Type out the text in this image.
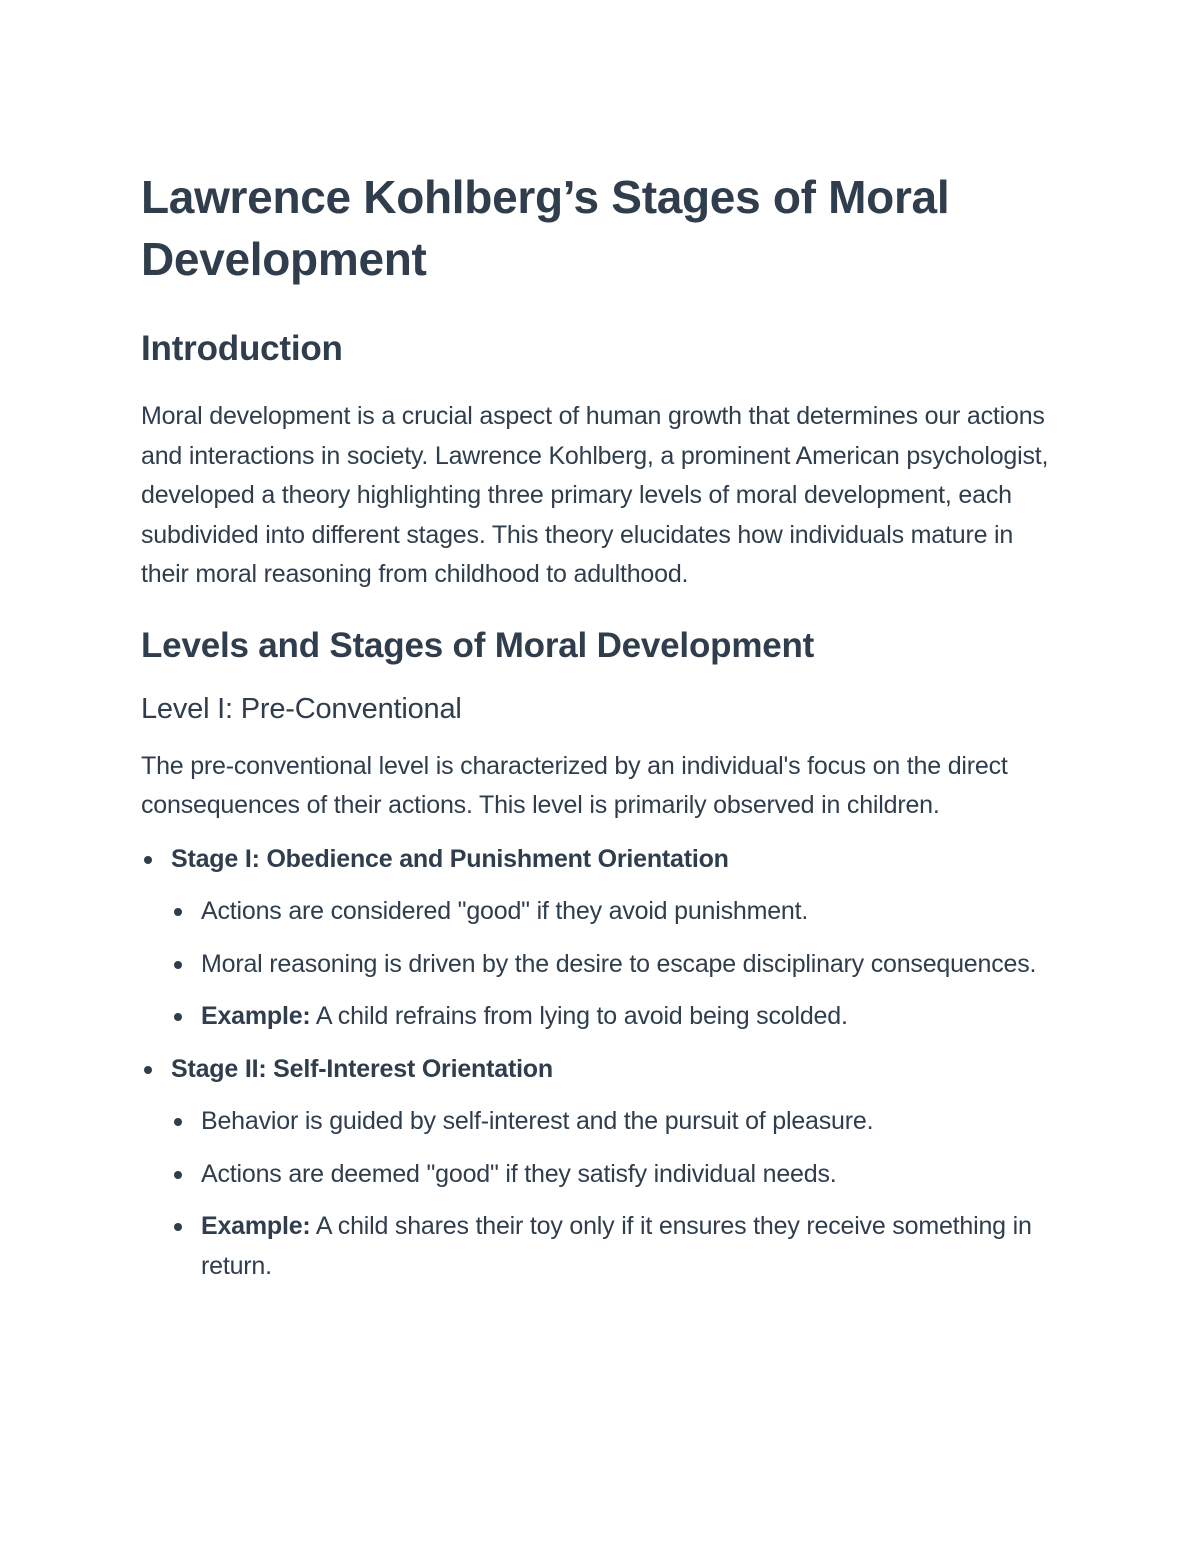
Lawrence Kohlberg’s Stages of Moral Development
Introduction

Moral development is a crucial aspect of human growth that determines our actions and interactions in society. Lawrence Kohlberg, a prominent American psychologist, developed a theory highlighting three primary levels of moral development, each subdivided into different stages. This theory elucidates how individuals mature in their moral reasoning from childhood to adulthood.

Levels and Stages of Moral Development
Level I: Pre-Conventional

The pre-conventional level is characterized by an individual's focus on the direct consequences of their actions. This level is primarily observed in children.

Stage I: Obedience and Punishment Orientation
Actions are considered "good" if they avoid punishment.
Moral reasoning is driven by the desire to escape disciplinary consequences.
Example: A child refrains from lying to avoid being scolded.
Stage II: Self-Interest Orientation
Behavior is guided by self-interest and the pursuit of pleasure.
Actions are deemed "good" if they satisfy individual needs.
Example: A child shares their toy only if it ensures they receive something in return.
